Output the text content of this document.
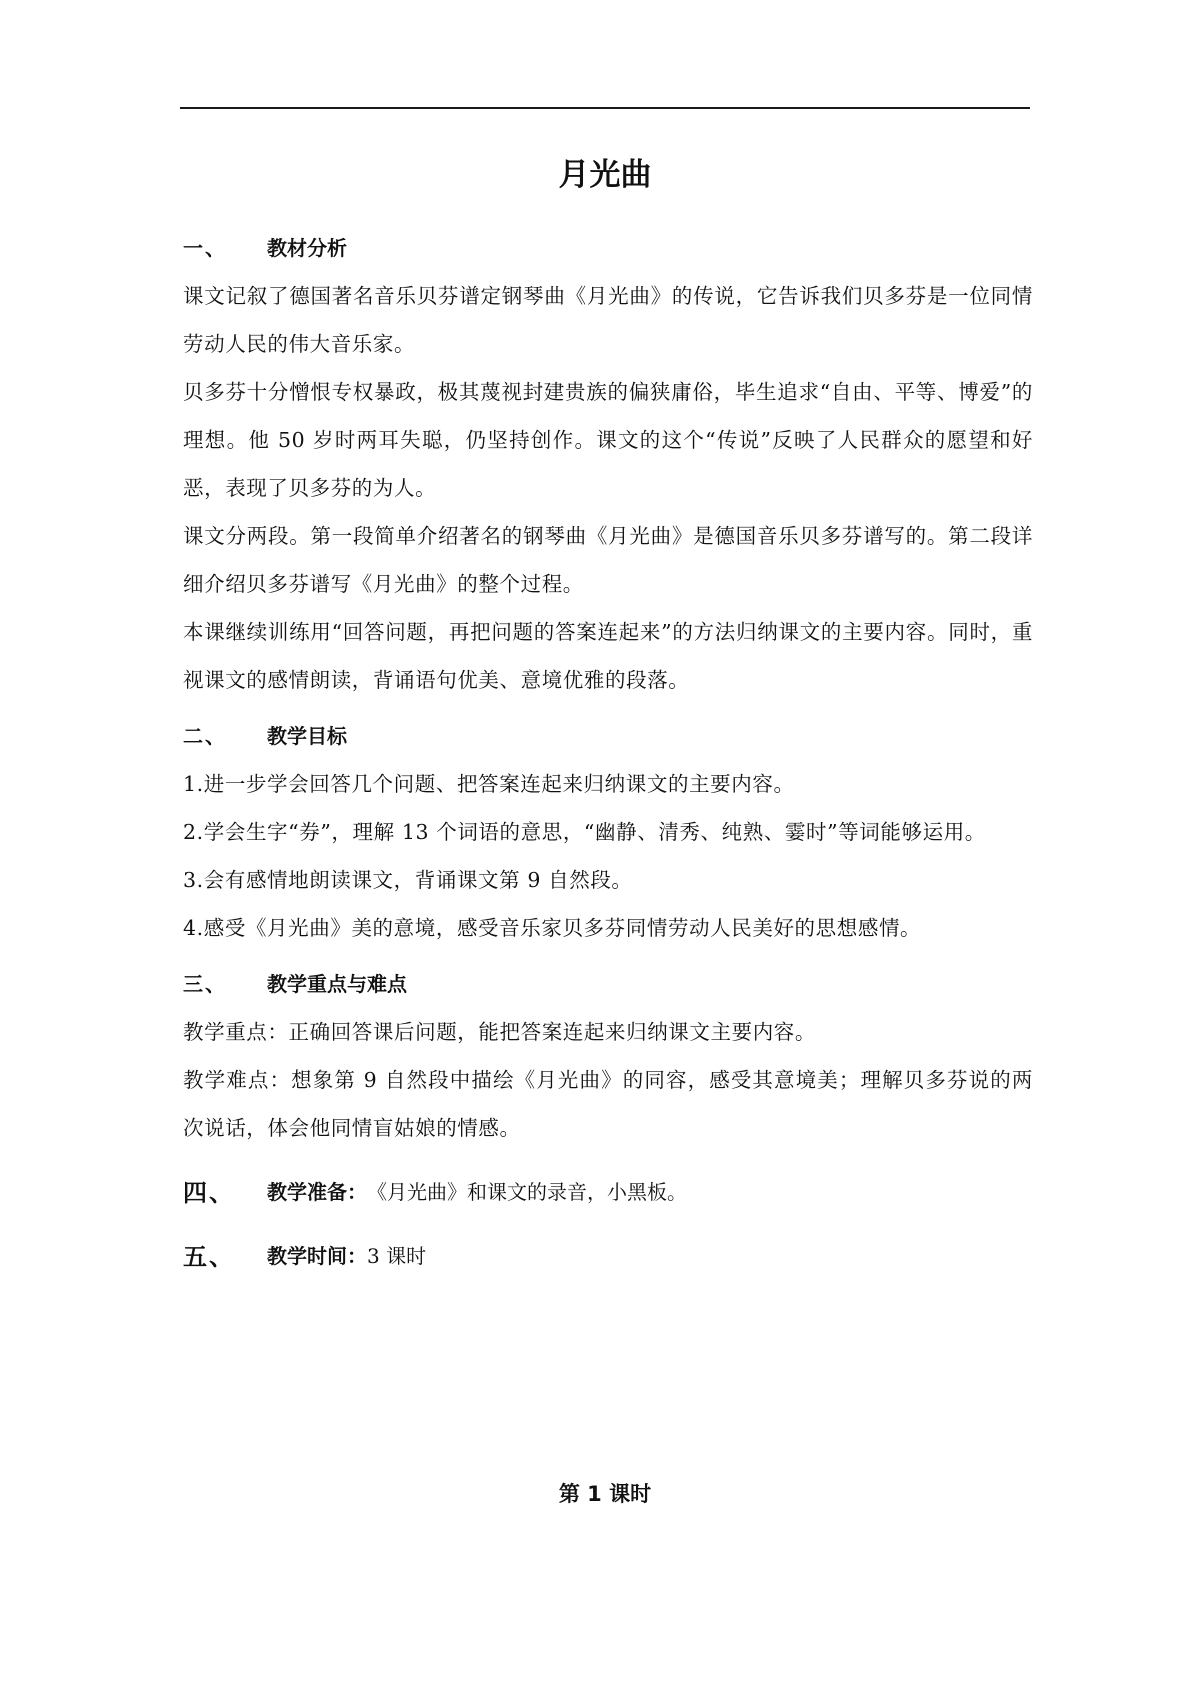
月光曲
一、	教材分析

课文记叙了德国著名音乐贝芬谱定钢琴曲《月光曲》的传说，它告诉我们贝多芬是一位同情劳动人民的伟大音乐家。

贝多芬十分憎恨专权暴政，极其蔑视封建贵族的偏狭庸俗，毕生追求“自由、平等、博爱”的理想。他 50 岁时两耳失聪，仍坚持创作。课文的这个“传说”反映了人民群众的愿望和好恶，表现了贝多芬的为人。

课文分两段。第一段简单介绍著名的钢琴曲《月光曲》是德国音乐贝多芬谱写的。第二段详细介绍贝多芬谱写《月光曲》的整个过程。

本课继续训练用“回答问题，再把问题的答案连起来”的方法归纳课文的主要内容。同时，重视课文的感情朗读，背诵语句优美、意境优雅的段落。

二、	教学目标

1.进一步学会回答几个问题、把答案连起来归纳课文的主要内容。

2.学会生字“券”，理解 13 个词语的意思，“幽静、清秀、纯熟、霎时”等词能够运用。

3.会有感情地朗读课文，背诵课文第 9 自然段。

4.感受《月光曲》美的意境，感受音乐家贝多芬同情劳动人民美好的思想感情。

三、	教学重点与难点

教学重点：正确回答课后问题，能把答案连起来归纳课文主要内容。

教学难点：想象第 9 自然段中描绘《月光曲》的同容，感受其意境美；理解贝多芬说的两次说话，体会他同情盲姑娘的情感。

四、	教学准备： 《月光曲》和课文的录音，小黑板。
五、	教学时间： 3 课时
第 1 课时
